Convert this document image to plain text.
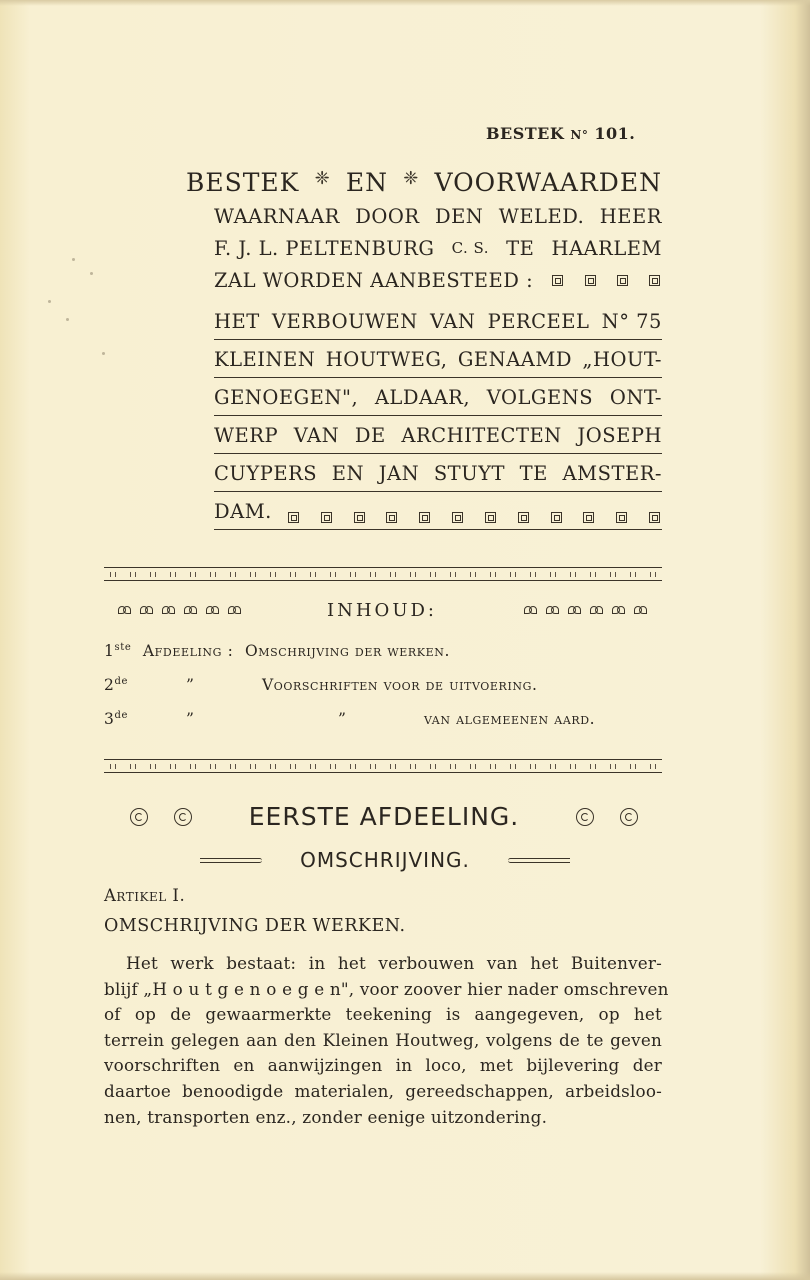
BESTEK N° 101.
BESTEK ❈ EN ❈ VOORWAARDEN
WAARNAAR DOOR DEN WELED. HEER
F. J. L. PELTENBURG C. S. TE HAARLEM
ZAL WORDEN AANBESTEED :
HET VERBOUWEN VAN PERCEEL N° 75
KLEINEN HOUTWEG, GENAAMD „HOUT-
GENOEGEN", ALDAAR, VOLGENS ONT-
WERP VAN DE ARCHITECTEN JOSEPH
CUYPERS EN JAN STUYT TE AMSTER-
DAM.
INHOUD:
1ste Afdeeling : Omschrijving der werken.
2de	”	Voorschriften voor de uitvoering.
3de	”	”	van algemeenen aard.
EERSTE AFDEELING.
OMSCHRIJVING.
Artikel I.
OMSCHRIJVING DER WERKEN.
Het werk bestaat: in het verbouwen van het Buitenver-
blijf „H o u t g e n o e g e n", voor zoover hier nader omschreven
of op de gewaarmerkte teekening is aangegeven, op het
terrein gelegen aan den Kleinen Houtweg, volgens de te geven
voorschriften en aanwijzingen in loco, met bijlevering der
daartoe benoodigde materialen, gereedschappen, arbeidsloo-
nen, transporten enz., zonder eenige uitzondering.
